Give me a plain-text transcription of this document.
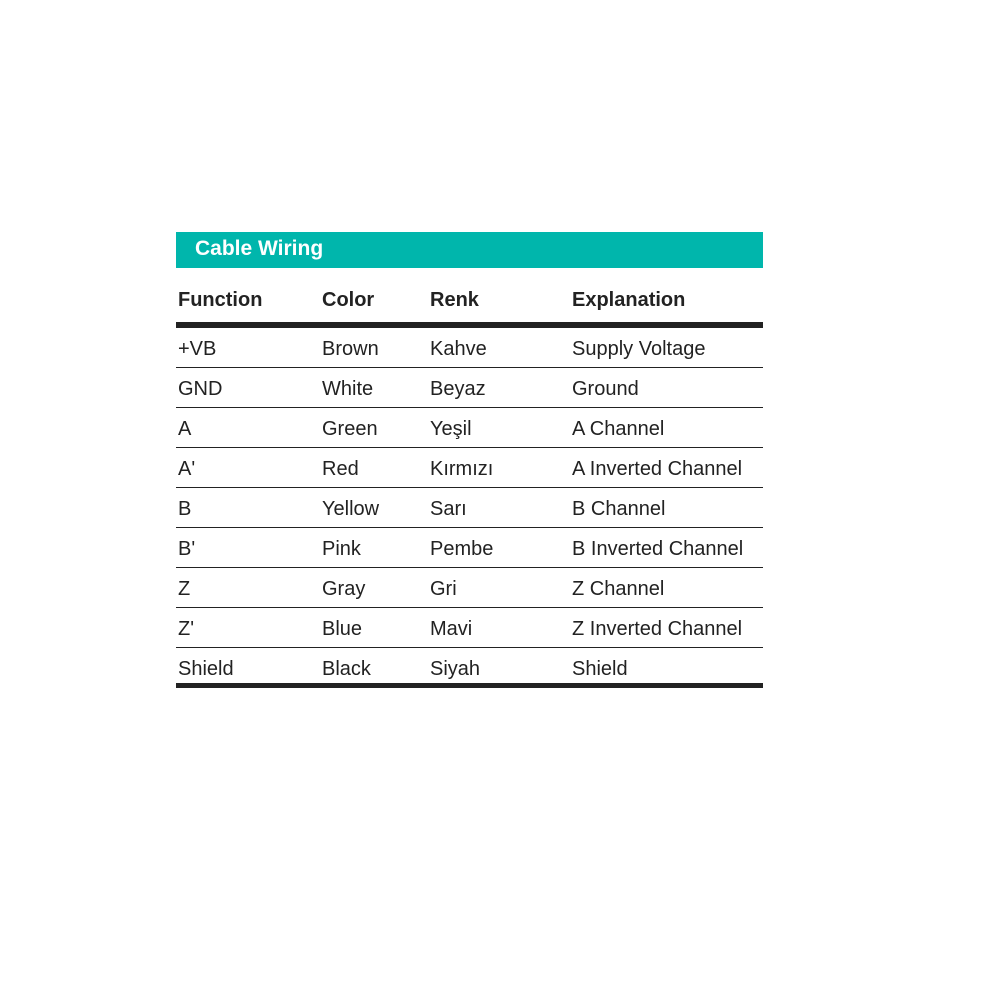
Cable Wiring
Function	Color	Renk	Explanation
+VB	Brown	Kahve	Supply Voltage
GND	White	Beyaz	Ground
A	Green	Yeşil	A Channel
A'	Red	Kırmızı	A Inverted Channel
B	Yellow	Sarı	B Channel
B'	Pink	Pembe	B Inverted Channel
Z	Gray	Gri	Z Channel
Z'	Blue	Mavi	Z Inverted Channel
Shield	Black	Siyah	Shield
